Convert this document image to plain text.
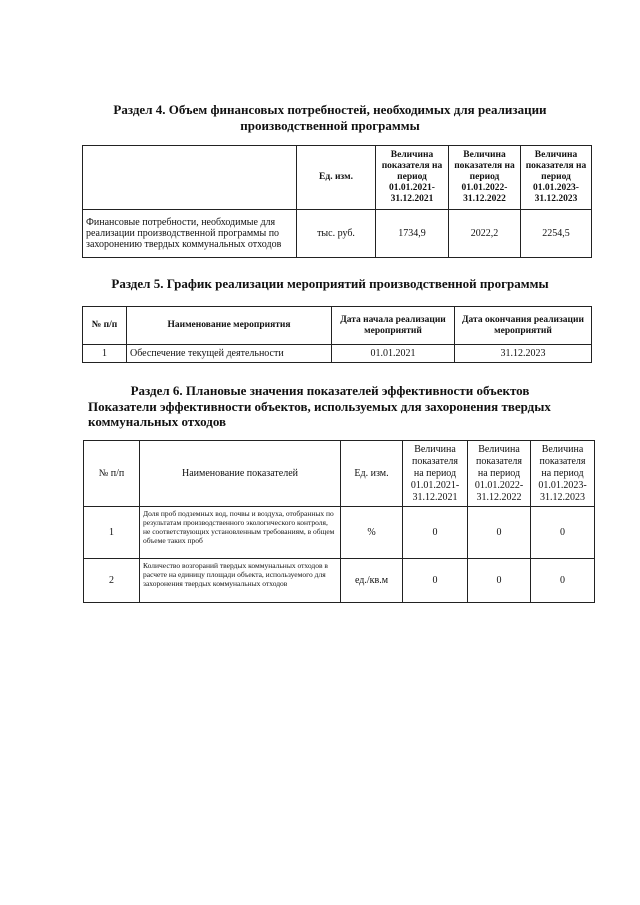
Раздел 4. Объем финансовых потребностей, необходимых для реализации
производственной программы
	Ед. изм.	Величина показателя на период 01.01.2021-31.12.2021	Величина показателя на период 01.01.2022-31.12.2022	Величина показателя на период 01.01.2023-31.12.2023
Финансовые потребности, необходимые для реализации производственной программы по захоронению твердых коммунальных отходов	тыс. руб.	1734,9	2022,2	2254,5
Раздел 5. График реализации мероприятий производственной программы
№ п/п	Наименование мероприятия	Дата начала реализации мероприятий	Дата окончания реализации мероприятий
1	Обеспечение текущей деятельности	01.01.2021	31.12.2023
Раздел 6. Плановые значения показателей эффективности объектов
Показатели эффективности объектов, используемых для захоронения твердых
коммунальных отходов
№ п/п	Наименование показателей	Ед. изм.	Величина показателя на период 01.01.2021-31.12.2021	Величина показателя на период 01.01.2022-31.12.2022	Величина показателя на период 01.01.2023-31.12.2023
1	Доля проб подземных вод, почвы и воздуха, отобранных по результатам производственного экологического контроля, не соответствующих установленным требованиям, в общем объеме таких проб	%	0	0	0
2	Количество возгораний твердых коммунальных отходов в расчете на единицу площади объекта, используемого для захоронения твердых коммунальных отходов	ед./кв.м	0	0	0
